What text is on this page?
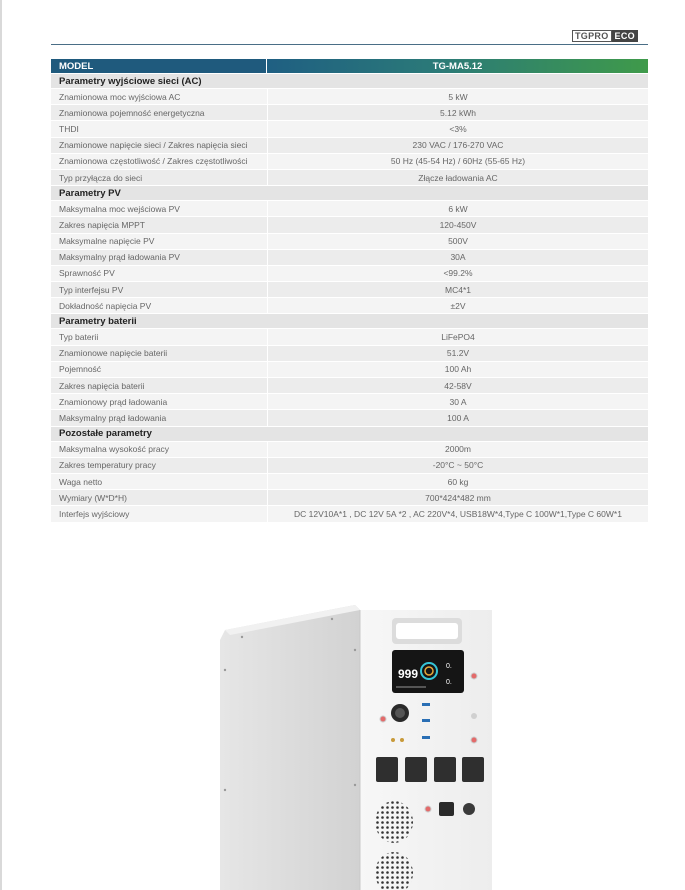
TGPRO ECO
MODEL	TG-MA5.12
Parametry wyjściowe sieci (AC)	
Znamionowa moc wyjściowa AC	5 kW
Znamionowa pojemność energetyczna	5.12 kWh
THDI	<3%
Znamionowe napięcie sieci / Zakres napięcia sieci	230 VAC / 176-270 VAC
Znamionowa częstotliwość / Zakres częstotliwości	50 Hz (45-54 Hz) / 60Hz (55-65 Hz)
Typ przyłącza do sieci	Złącze ładowania AC
Parametry PV	
Maksymalna moc wejściowa PV	6 kW
Zakres napięcia MPPT	120-450V
Maksymalne napięcie PV	500V
Maksymalny prąd ładowania PV	30A
Sprawność PV	<99.2%
Typ interfejsu PV	MC4*1
Dokładność napięcia PV	±2V
Parametry baterii	
Typ baterii	LiFePO4
Znamionowe napięcie baterii	51.2V
Pojemność	100 Ah
Zakres napięcia baterii	42-58V
Znamionowy prąd ładowania	30 A
Maksymalny prąd ładowania	100 A
Pozostałe parametry	
Maksymalna wysokość pracy	2000m
Zakres temperatury pracy	-20°C ~ 50°C
Waga netto	60 kg
Wymiary (W*D*H)	700*424*482 mm
Interfejs wyjściowy	DC 12V10A*1 , DC 12V 5A *2 , AC 220V*4, USB18W*4,Type C 100W*1,Type C 60W*1
999
0.
0.
